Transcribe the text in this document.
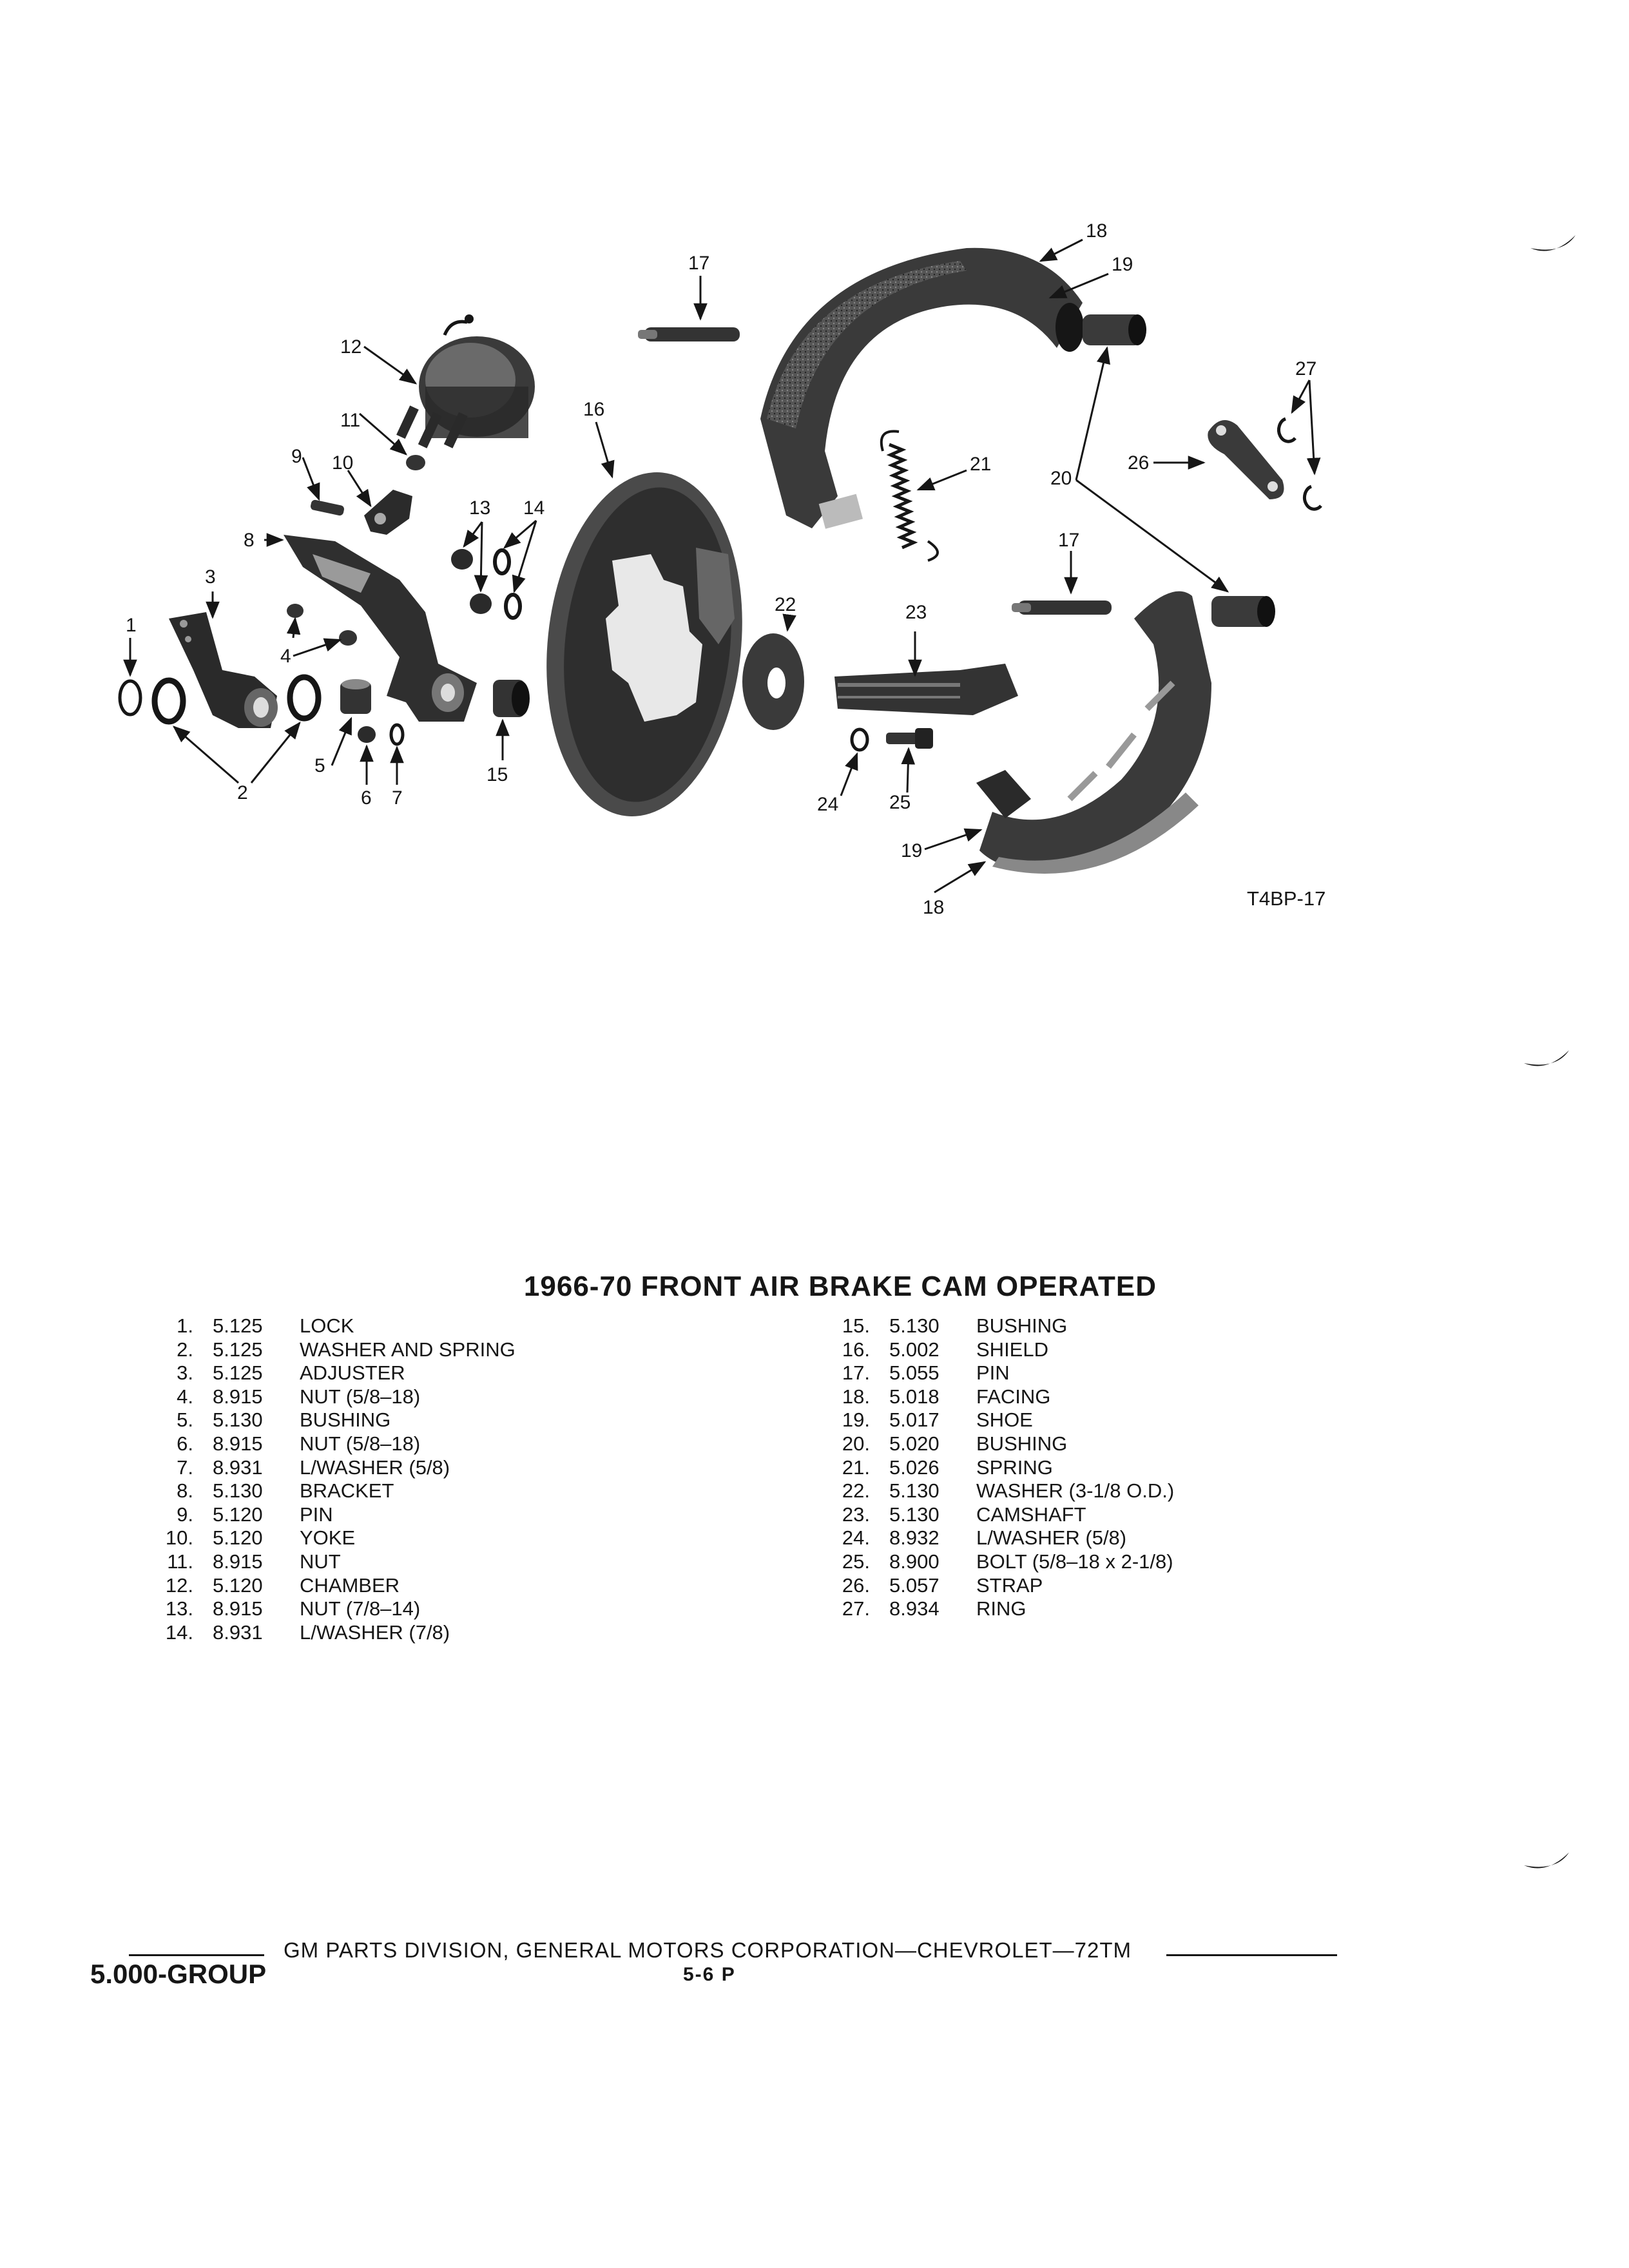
1
2
3
4
5
6 7
8
9 10
11
12
13 14
15
16
17
17
18
18
19
19
20
21
22	23
24	25
26
27
T4BP-17
1966-70 FRONT AIR BRAKE CAM OPERATED
1. 5.125 LOCK
2. 5.125 WASHER AND SPRING
3. 5.125 ADJUSTER
4. 8.915 NUT (5/8–18)
5. 5.130 BUSHING
6. 8.915 NUT (5/8–18)
7. 8.931 L/WASHER (5/8)
8. 5.130 BRACKET
9. 5.120 PIN
10. 5.120 YOKE
11. 8.915 NUT
12. 5.120 CHAMBER
13. 8.915 NUT (7/8–14)
14. 8.931 L/WASHER (7/8)
15. 5.130 BUSHING
16. 5.002 SHIELD
17. 5.055 PIN
18. 5.018 FACING
19. 5.017 SHOE
20. 5.020 BUSHING
21. 5.026 SPRING
22. 5.130 WASHER (3-1/8 O.D.)
23. 5.130 CAMSHAFT
24. 8.932 L/WASHER (5/8)
25. 8.900 BOLT (5/8–18 x 2-1/8)
26. 5.057 STRAP
27. 8.934 RING
GM PARTS DIVISION, GENERAL MOTORS CORPORATION—CHEVROLET—72TM
5.000-GROUP	5-6 P
